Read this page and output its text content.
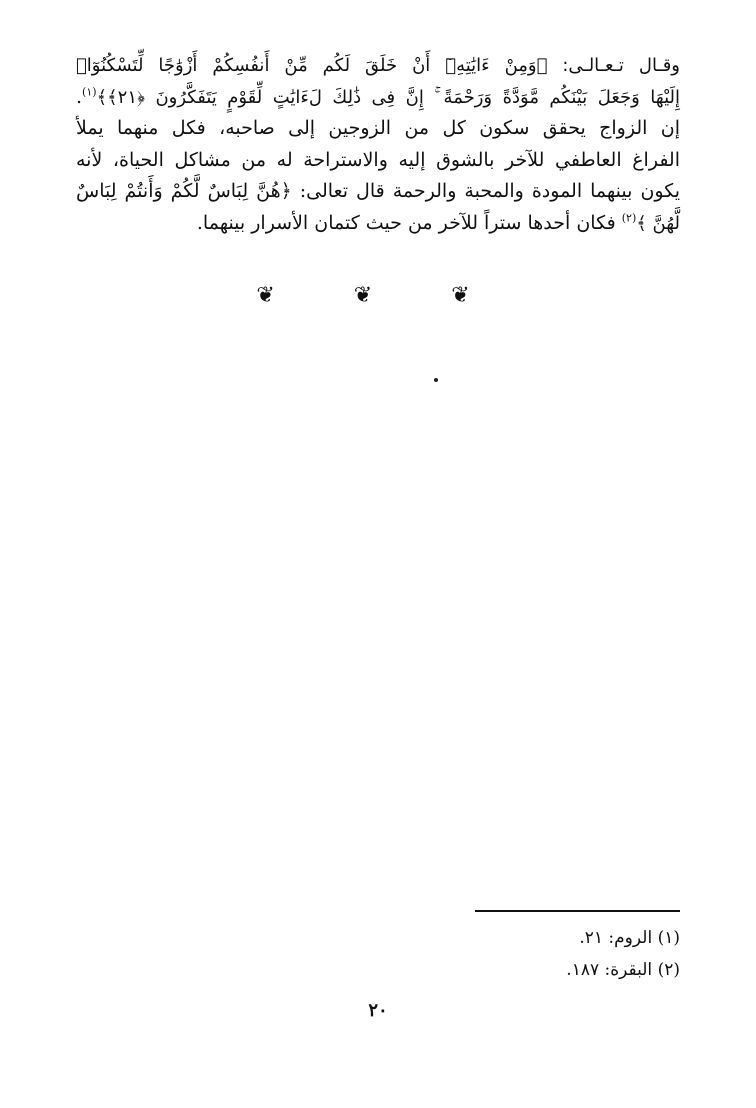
وقـال تـعـالـى: ﴿وَمِنْ ءَايَٰتِهِۦٓ أَنْ خَلَقَ لَكُم مِّنْ أَنفُسِكُمْ أَزْوَٰجًا لِّتَسْكُنُوٓا۟
إِلَيْهَا وَجَعَلَ بَيْنَكُم مَّوَدَّةً وَرَحْمَةً ۚ إِنَّ فِى ذَٰلِكَ لَءَايَٰتٍ لِّقَوْمٍ يَتَفَكَّرُونَ ﴿٢١﴾﴾$^{(١)}$.
إن الزواج يحقق سكون كل من الزوجين إلى صاحبه، فكل منهما يملأ
الفراغ العاطفي للآخر بالشوق إليه والاستراحة له من مشاكل الحياة، لأنه
يكون بينهما المودة والمحبة والرحمة قال تعالى: ﴿هُنَّ لِبَاسٌ لَّكُمْ وَأَنتُمْ لِبَاسٌ
لَّهُنَّ ﴾$^{(٢)}$ فكان أحدها ستراً للآخر من حيث كتمان الأسرار بينهما.
❦ ❦ ❦
(١) الروم: ٢١.
(٢) البقرة: ١٨٧.
٢٠
